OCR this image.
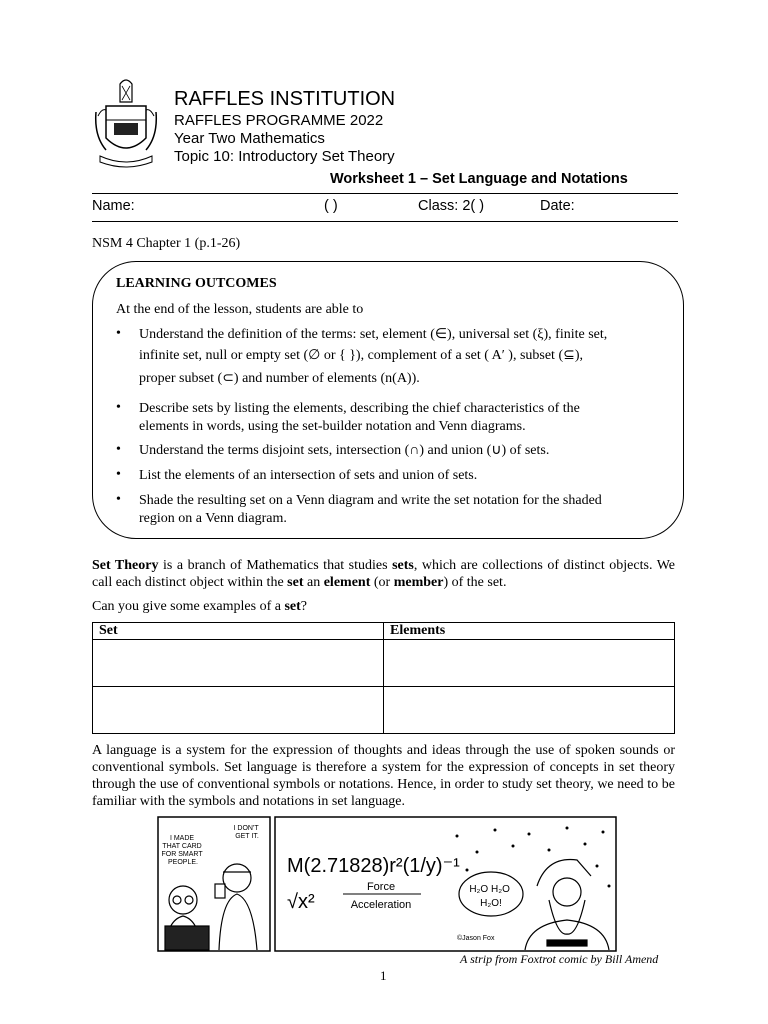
RAFFLES INSTITUTION
RAFFLES PROGRAMME 2022
Year Two Mathematics
Topic 10: Introductory Set Theory
Worksheet 1 – Set Language and Notations
Name:	( )	Class: 2( )	Date:
NSM 4 Chapter 1 (p.1-26)
LEARNING OUTCOMES
At the end of the lesson, students are able to
• Understand the definition of the terms: set, element (∈), universal set (ξ), finite set,
infinite set, null or empty set (∅ or { }), complement of a set ( A′ ), subset (⊆),
proper subset (⊂) and number of elements (n(A)).
• Describe sets by listing the elements, describing the chief characteristics of the
elements in words, using the set-builder notation and Venn diagrams.
• Understand the terms disjoint sets, intersection (∩) and union (∪) of sets.
• List the elements of an intersection of sets and union of sets.
• Shade the resulting set on a Venn diagram and write the set notation for the shaded
region on a Venn diagram.
Set Theory is a branch of Mathematics that studies sets, which are collections of distinct objects. We call each distinct object within the set an element (or member) of the set.
Can you give some examples of a set?
Set	Elements

A language is a system for the expression of thoughts and ideas through the use of spoken sounds or conventional symbols. Set language is therefore a system for the expression of concepts in set theory through the use of conventional symbols or notations. Hence, in order to study set theory, we need to be familiar with the symbols and notations in set language.
I MADE THAT CARD FOR SMART PEOPLE.
I DON'T GET IT.
M(2.71828)r²(1/y)⁻¹
√x²
Force
Acceleration
H₂O H₂O H₂O!
©Jason Fox
A strip from Foxtrot comic by Bill Amend
1
